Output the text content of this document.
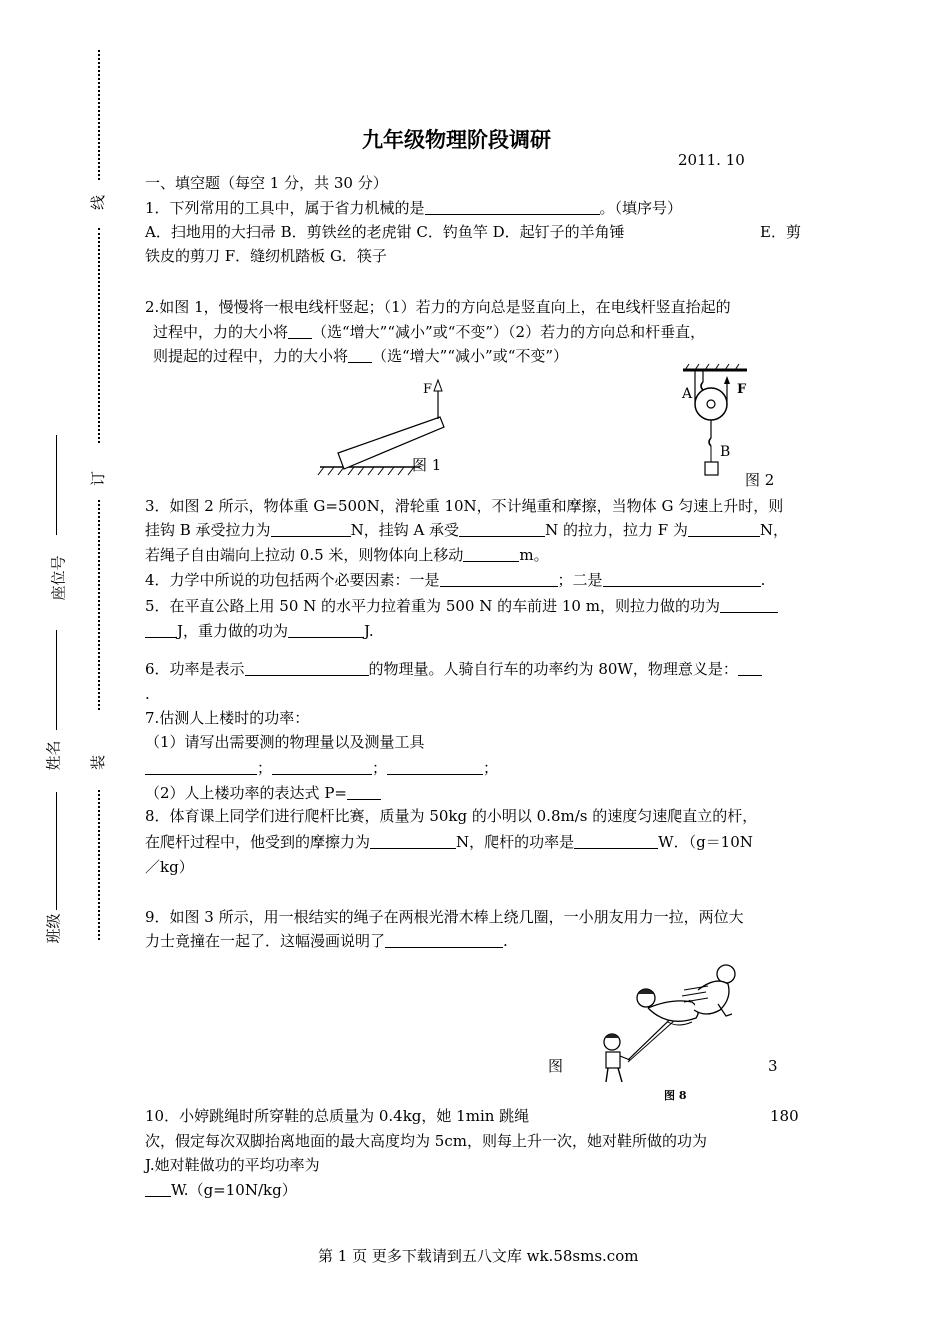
线
订
装
座位号
姓名
班级
九年级物理阶段调研
2011. 10
一、填空题（每空 1 分，共 30 分）
1．下列常用的工具中，属于省力机械的是	。（填序号）
A．扫地用的大扫帚 B．剪铁丝的老虎钳 C．钓鱼竿 D．起钉子的羊角锤	E．剪
铁皮的剪刀 F．缝纫机踏板 G．筷子
2.如图 1，慢慢将一根电线杆竖起；（1）若力的方向总是竖直向上，在电线杆竖直抬起的
过程中，力的大小将 （选“增大”“减小”或“不变”）（2）若力的方向总和杆垂直，
则提起的过程中，力的大小将 （选“增大”“减小”或“不变”）
F
图 1
A	F
B
图 2
3．如图 2 所示，物体重 G=500N，滑轮重 10N，不计绳重和摩擦，当物体 G 匀速上升时，则
挂钩 B 承受拉力为	N，挂钩 A 承受	N 的拉力，拉力 F 为	N，
若绳子自由端向上拉动 0.5 米，则物体向上移动	m。
4．力学中所说的功包括两个必要因素：一是	；二是	.
5．在平直公路上用 50 N 的水平力拉着重为 500 N 的车前进 10 m，则拉力做的功为
J，重力做的功为	J.
6．功率是表示	的物理量。人骑自行车的功率约为 80W，物理意义是：
.
7.估测人上楼时的功率：
（1）请写出需要测的物理量以及测量工具
；	；	；
（2）人上楼功率的表达式 P=
8．体育课上同学们进行爬杆比赛，质量为 50kg 的小明以 0.8m/s 的速度匀速爬直立的杆，
在爬杆过程中，他受到的摩擦力为	N，爬杆的功率是	W．（g＝10N
／kg）
9．如图 3 所示，用一根结实的绳子在两根光滑木棒上绕几圈，一小朋友用力一拉，两位大
力士竟撞在一起了．这幅漫画说明了	.
图	3
图 8
10．小婷跳绳时所穿鞋的总质量为 0.4kg，她 1min 跳绳	180
次，假定每次双脚抬离地面的最大高度均为 5cm，则每上升一次，她对鞋所做的功为
J.她对鞋做功的平均功率为
W.（g=10N/kg）
第 1 页 更多下载请到五八文库 wk.58sms.com
